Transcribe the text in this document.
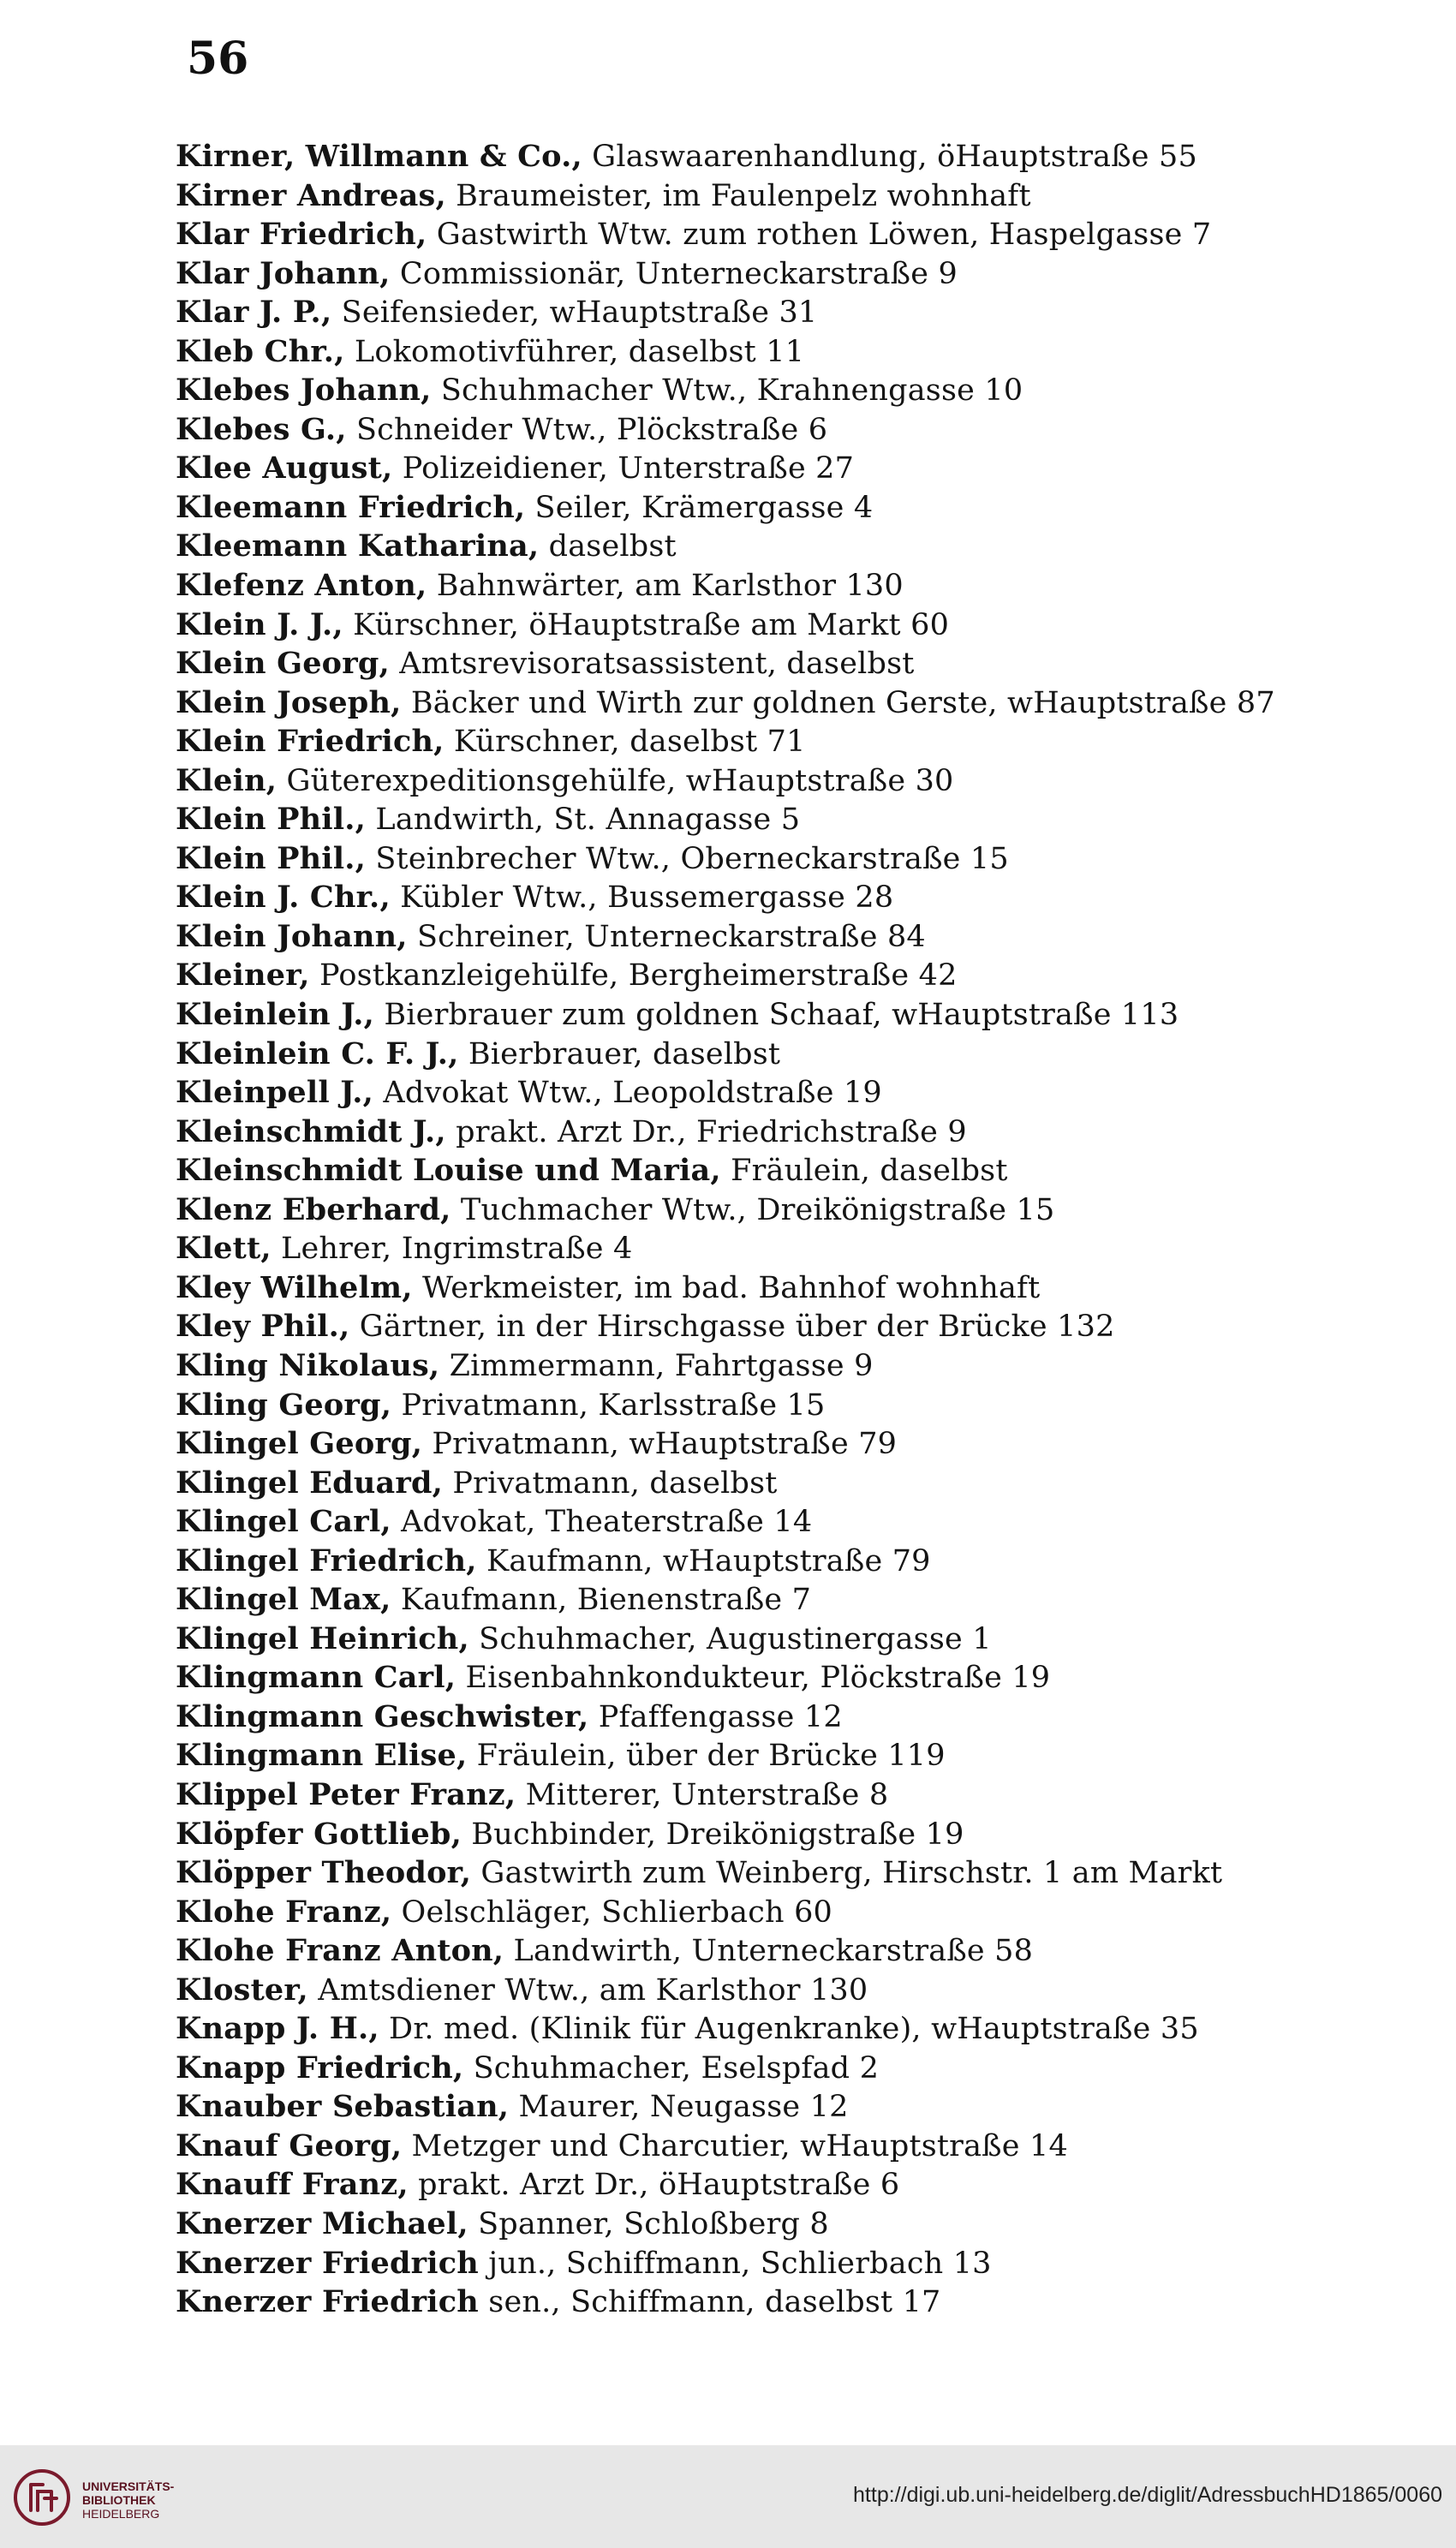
56
Kirner, Willmann & Co., Glaswaarenhandlung, öHauptstraße 55
Kirner Andreas, Braumeister, im Faulenpelz wohnhaft
Klar Friedrich, Gastwirth Wtw. zum rothen Löwen, Haspelgasse 7
Klar Johann, Commissionär, Unterneckarstraße 9
Klar J. P., Seifensieder, wHauptstraße 31
Kleb Chr., Lokomotivführer, daselbst 11
Klebes Johann, Schuhmacher Wtw., Krahnengasse 10
Klebes G., Schneider Wtw., Plöckstraße 6
Klee August, Polizeidiener, Unterstraße 27
Kleemann Friedrich, Seiler, Krämergasse 4
Kleemann Katharina, daselbst
Klefenz Anton, Bahnwärter, am Karlsthor 130
Klein J. J., Kürschner, öHauptstraße am Markt 60
Klein Georg, Amtsrevisoratsassistent, daselbst
Klein Joseph, Bäcker und Wirth zur goldnen Gerste, wHauptstraße 87
Klein Friedrich, Kürschner, daselbst 71
Klein, Güterexpeditionsgehülfe, wHauptstraße 30
Klein Phil., Landwirth, St. Annagasse 5
Klein Phil., Steinbrecher Wtw., Oberneckarstraße 15
Klein J. Chr., Kübler Wtw., Bussemergasse 28
Klein Johann, Schreiner, Unterneckarstraße 84
Kleiner, Postkanzleigehülfe, Bergheimerstraße 42
Kleinlein J., Bierbrauer zum goldnen Schaaf, wHauptstraße 113
Kleinlein C. F. J., Bierbrauer, daselbst
Kleinpell J., Advokat Wtw., Leopoldstraße 19
Kleinschmidt J., prakt. Arzt Dr., Friedrichstraße 9
Kleinschmidt Louise und Maria, Fräulein, daselbst
Klenz Eberhard, Tuchmacher Wtw., Dreikönigstraße 15
Klett, Lehrer, Ingrimstraße 4
Kley Wilhelm, Werkmeister, im bad. Bahnhof wohnhaft
Kley Phil., Gärtner, in der Hirschgasse über der Brücke 132
Kling Nikolaus, Zimmermann, Fahrtgasse 9
Kling Georg, Privatmann, Karlsstraße 15
Klingel Georg, Privatmann, wHauptstraße 79
Klingel Eduard, Privatmann, daselbst
Klingel Carl, Advokat, Theaterstraße 14
Klingel Friedrich, Kaufmann, wHauptstraße 79
Klingel Max, Kaufmann, Bienenstraße 7
Klingel Heinrich, Schuhmacher, Augustinergasse 1
Klingmann Carl, Eisenbahnkondukteur, Plöckstraße 19
Klingmann Geschwister, Pfaffengasse 12
Klingmann Elise, Fräulein, über der Brücke 119
Klippel Peter Franz, Mitterer, Unterstraße 8
Klöpfer Gottlieb, Buchbinder, Dreikönigstraße 19
Klöpper Theodor, Gastwirth zum Weinberg, Hirschstr. 1 am Markt
Klohe Franz, Oelschläger, Schlierbach 60
Klohe Franz Anton, Landwirth, Unterneckarstraße 58
Kloster, Amtsdiener Wtw., am Karlsthor 130
Knapp J. H., Dr. med. (Klinik für Augenkranke), wHauptstraße 35
Knapp Friedrich, Schuhmacher, Eselspfad 2
Knauber Sebastian, Maurer, Neugasse 12
Knauf Georg, Metzger und Charcutier, wHauptstraße 14
Knauff Franz, prakt. Arzt Dr., öHauptstraße 6
Knerzer Michael, Spanner, Schloßberg 8
Knerzer Friedrich jun., Schiffmann, Schlierbach 13
Knerzer Friedrich sen., Schiffmann, daselbst 17
UNIVERSITÄTS-
BIBLIOTHEK
HEIDELBERG
http://digi.ub.uni-heidelberg.de/diglit/AdressbuchHD1865/0060
